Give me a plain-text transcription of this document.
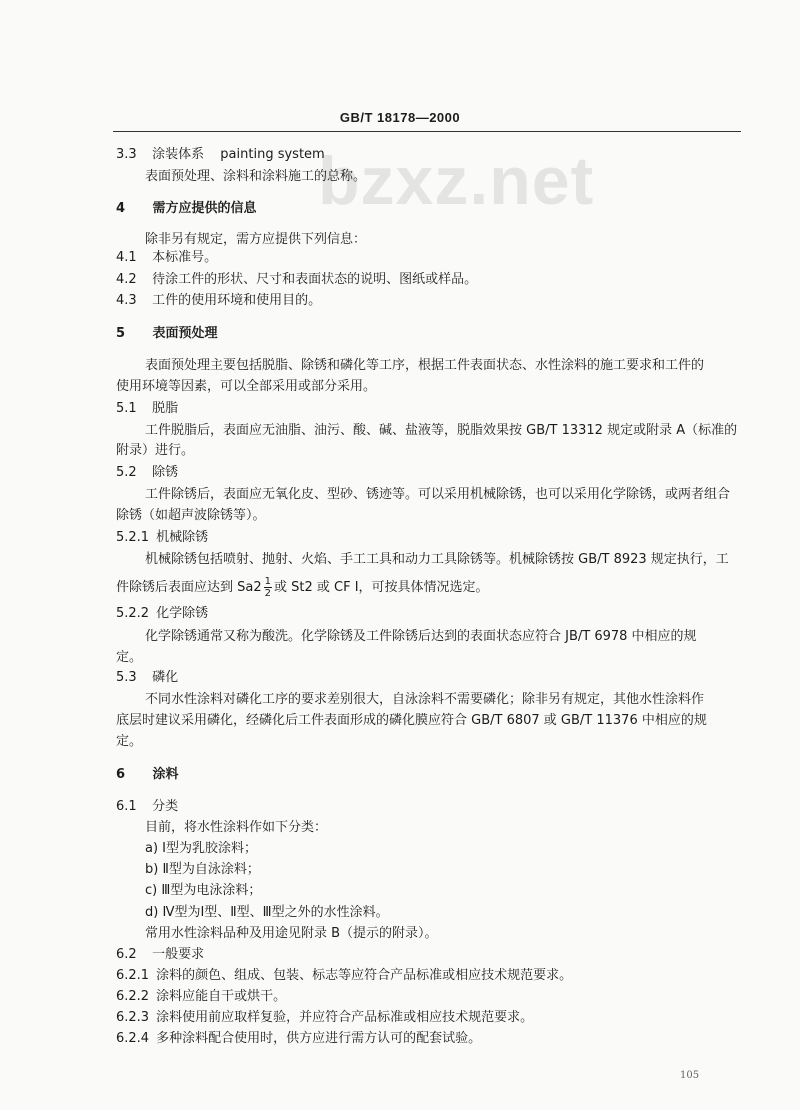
GB/T 18178—2000
bzxz.net
3.3 涂装体系 painting system
表面预处理、涂料和涂料施工的总称。
4 需方应提供的信息
除非另有规定，需方应提供下列信息：
4.1 本标准号。
4.2 待涂工件的形状、尺寸和表面状态的说明、图纸或样品。
4.3 工件的使用环境和使用目的。
5 表面预处理
表面预处理主要包括脱脂、除锈和磷化等工序，根据工件表面状态、水性涂料的施工要求和工件的
使用环境等因素，可以全部采用或部分采用。
5.1 脱脂
工件脱脂后，表面应无油脂、油污、酸、碱、盐液等，脱脂效果按 GB/T 13312 规定或附录 A（标准的
附录）进行。
5.2 除锈
工件除锈后，表面应无氧化皮、型砂、锈迹等。可以采用机械除锈，也可以采用化学除锈，或两者组合
除锈（如超声波除锈等）。
5.2.1 机械除锈
机械除锈包括喷射、抛射、火焰、手工工具和动力工具除锈等。机械除锈按 GB/T 8923 规定执行，工
件除锈后表面应达到 $Sa2 \frac{1}{2}$ 或 St2 或 CF Ⅰ，可按具体情况选定。
5.2.2 化学除锈
化学除锈通常又称为酸洗。化学除锈及工件除锈后达到的表面状态应符合 JB/T 6978 中相应的规
定。
5.3 磷化
不同水性涂料对磷化工序的要求差别很大，自泳涂料不需要磷化；除非另有规定，其他水性涂料作
底层时建议采用磷化，经磷化后工件表面形成的磷化膜应符合 GB/T 6807 或 GB/T 11376 中相应的规
定。
6 涂料
6.1 分类
目前，将水性涂料作如下分类：
a) Ⅰ型为乳胶涂料；
b) Ⅱ型为自泳涂料；
c) Ⅲ型为电泳涂料；
d) Ⅳ型为Ⅰ型、Ⅱ型、Ⅲ型之外的水性涂料。
常用水性涂料品种及用途见附录 B（提示的附录）。
6.2 一般要求
6.2.1 涂料的颜色、组成、包装、标志等应符合产品标准或相应技术规范要求。
6.2.2 涂料应能自干或烘干。
6.2.3 涂料使用前应取样复验，并应符合产品标准或相应技术规范要求。
6.2.4 多种涂料配合使用时，供方应进行需方认可的配套试验。
105
